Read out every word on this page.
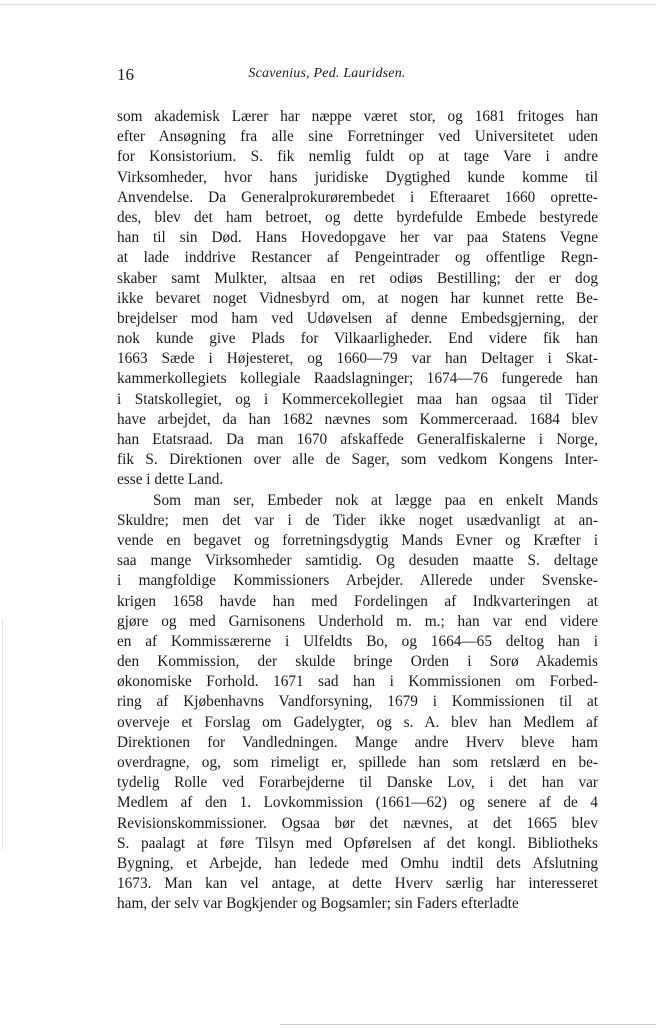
16	Scavenius, Ped. Lauridsen.
som akademisk Lærer har næppe været stor, og 1681 fritoges han
efter Ansøgning fra alle sine Forretninger ved Universitetet uden
for Konsistorium. S. fik nemlig fuldt op at tage Vare i andre
Virksomheder, hvor hans juridiske Dygtighed kunde komme til
Anvendelse. Da Generalprokurørembedet i Efteraaret 1660 oprette-
des, blev det ham betroet, og dette byrdefulde Embede bestyrede
han til sin Død. Hans Hovedopgave her var paa Statens Vegne
at lade inddrive Restancer af Pengeintrader og offentlige Regn-
skaber samt Mulkter, altsaa en ret odiøs Bestilling; der er dog
ikke bevaret noget Vidnesbyrd om, at nogen har kunnet rette Be-
brejdelser mod ham ved Udøvelsen af denne Embedsgjerning, der
nok kunde give Plads for Vilkaarligheder. End videre fik han
1663 Sæde i Højesteret, og 1660—79 var han Deltager i Skat-
kammerkollegiets kollegiale Raadslagninger; 1674—76 fungerede han
i Statskollegiet, og i Kommercekollegiet maa han ogsaa til Tider
have arbejdet, da han 1682 nævnes som Kommerceraad. 1684 blev
han Etatsraad. Da man 1670 afskaffede Generalfiskalerne i Norge,
fik S. Direktionen over alle de Sager, som vedkom Kongens Inter-
esse i dette Land.
Som man ser, Embeder nok at lægge paa en enkelt Mands
Skuldre; men det var i de Tider ikke noget usædvanligt at an-
vende en begavet og forretningsdygtig Mands Evner og Kræfter i
saa mange Virksomheder samtidig. Og desuden maatte S. deltage
i mangfoldige Kommissioners Arbejder. Allerede under Svenske-
krigen 1658 havde han med Fordelingen af Indkvarteringen at
gjøre og med Garnisonens Underhold m. m.; han var end videre
en af Kommissærerne i Ulfeldts Bo, og 1664—65 deltog han i
den Kommission, der skulde bringe Orden i Sorø Akademis
økonomiske Forhold. 1671 sad han i Kommissionen om Forbed-
ring af Kjøbenhavns Vandforsyning, 1679 i Kommissionen til at
overveje et Forslag om Gadelygter, og s. A. blev han Medlem af
Direktionen for Vandledningen. Mange andre Hverv bleve ham
overdragne, og, som rimeligt er, spillede han som retslærd en be-
tydelig Rolle ved Forarbejderne til Danske Lov, i det han var
Medlem af den 1. Lovkommission (1661—62) og senere af de 4
Revisionskommissioner. Ogsaa bør det nævnes, at det 1665 blev
S. paalagt at føre Tilsyn med Opførelsen af det kongl. Bibliotheks
Bygning, et Arbejde, han ledede med Omhu indtil dets Afslutning
1673. Man kan vel antage, at dette Hverv særlig har interesseret
ham, der selv var Bogkjender og Bogsamler; sin Faders efterladte
